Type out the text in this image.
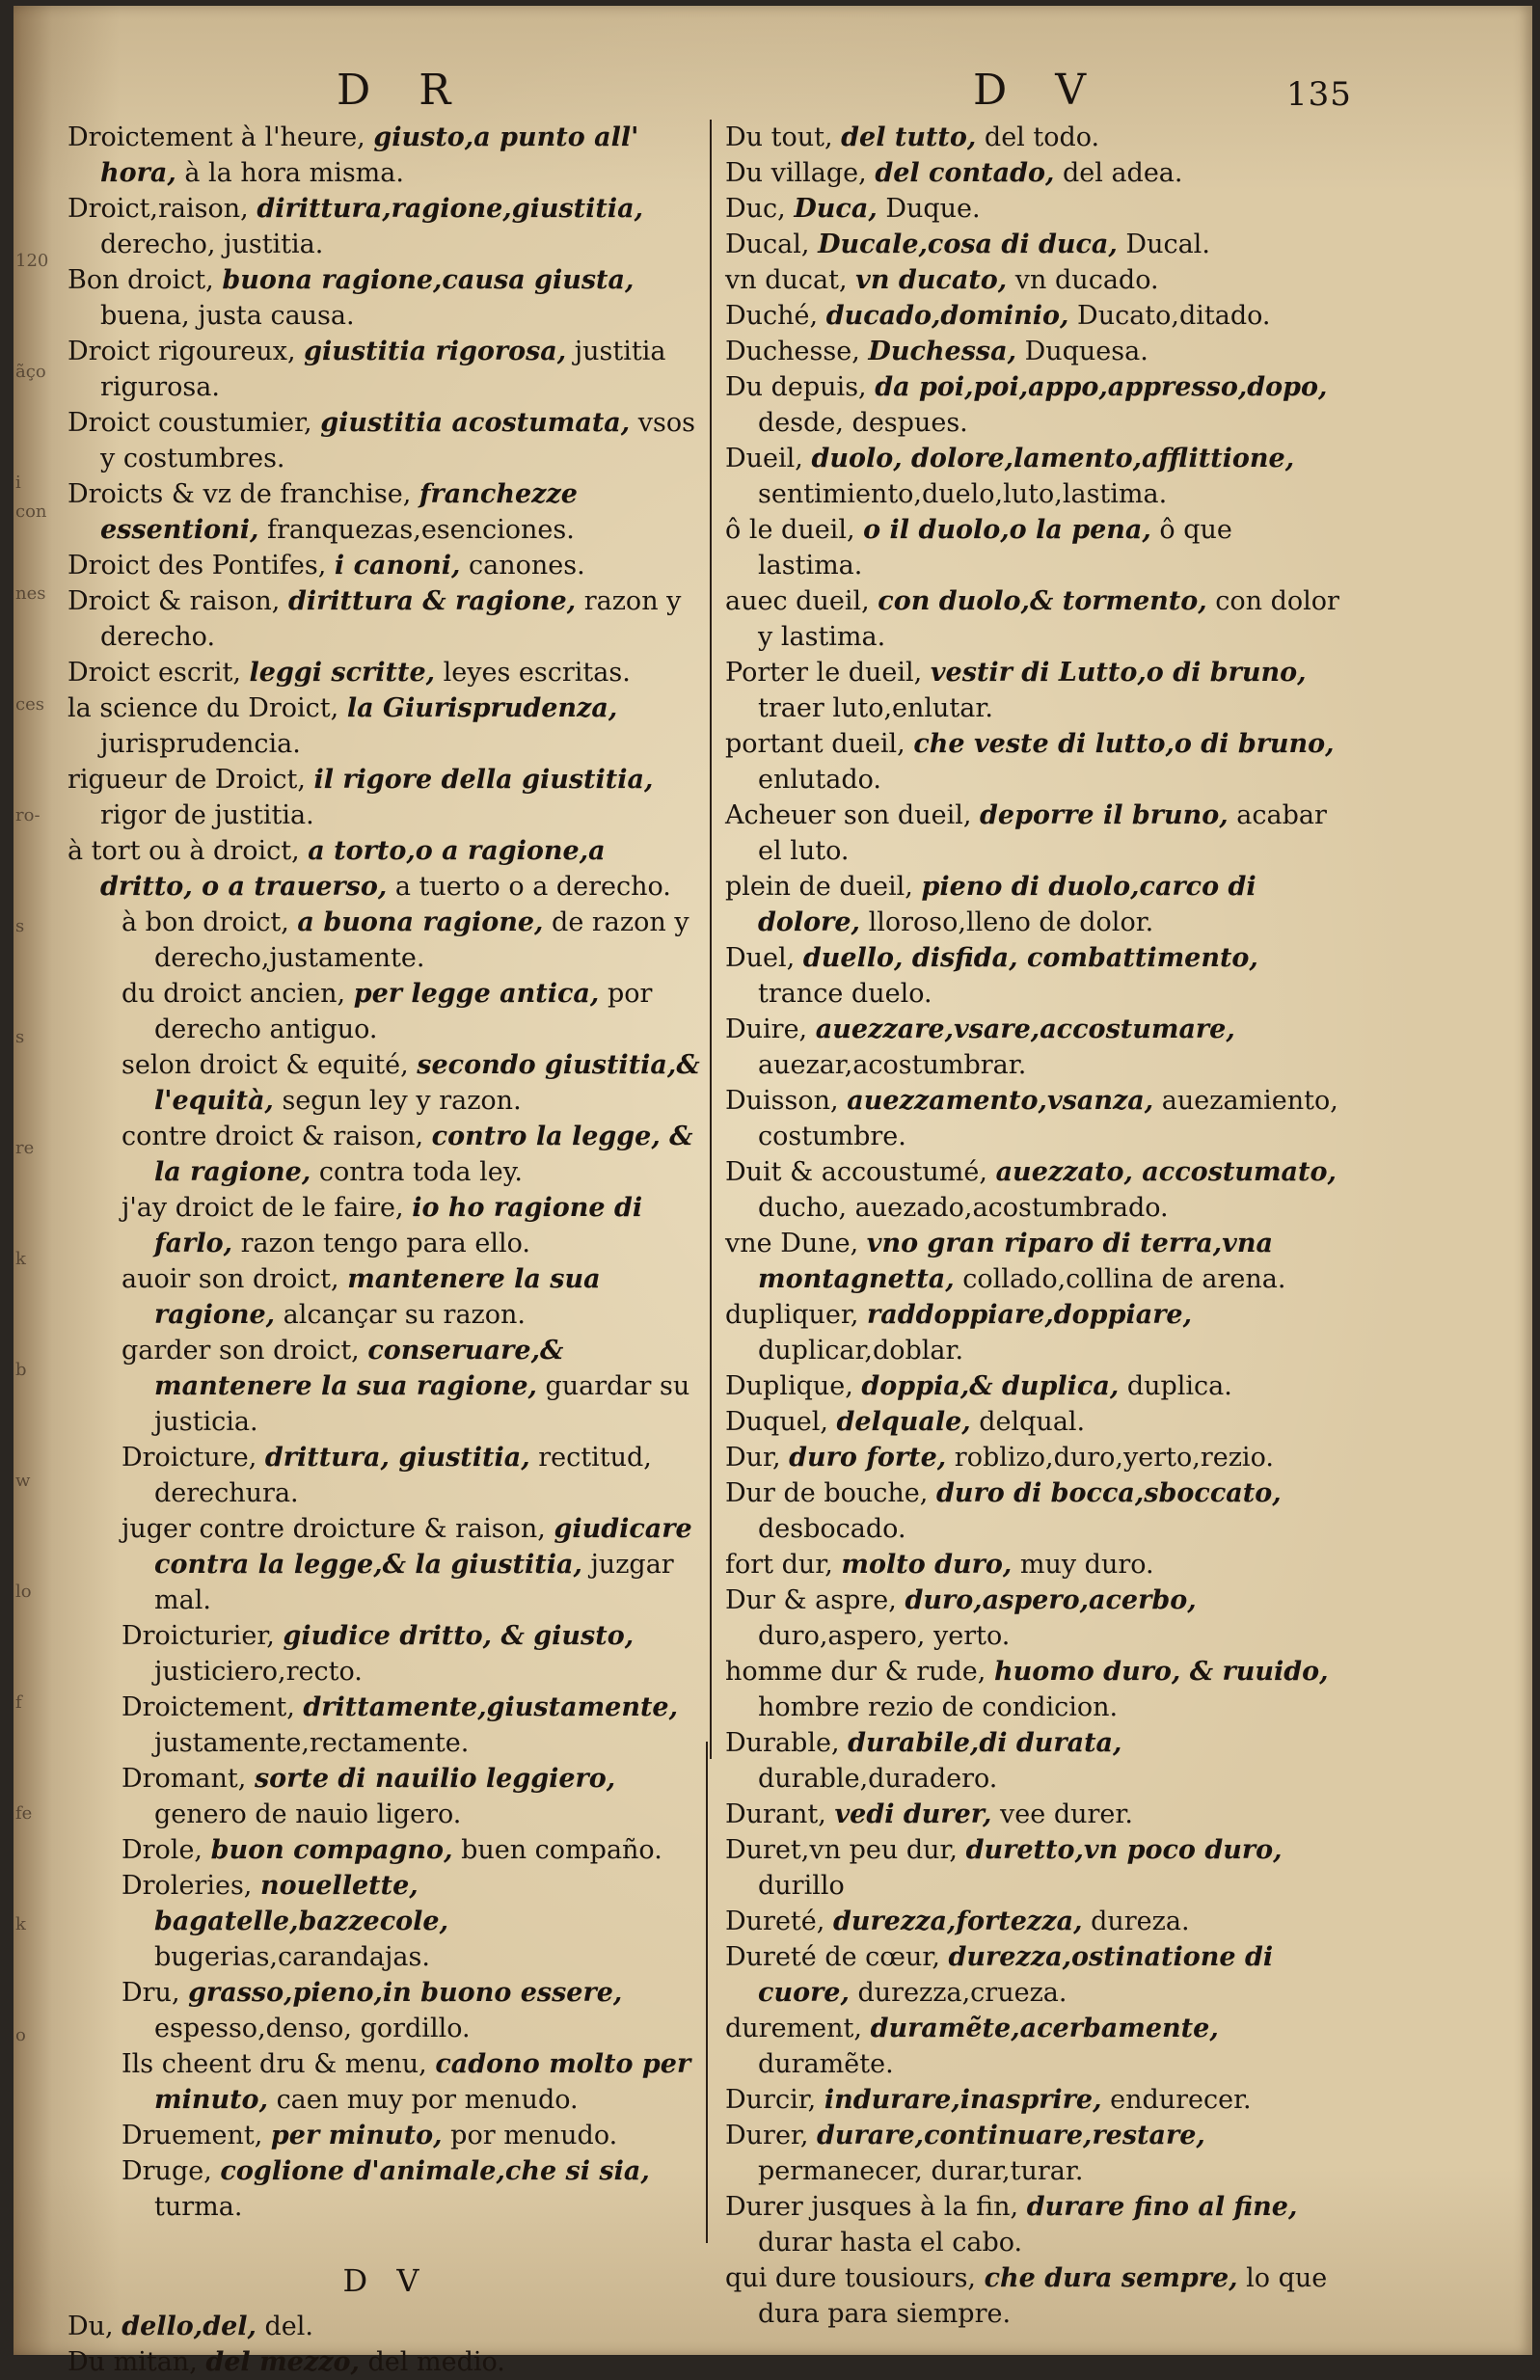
120
ãço
i con
nes
ces
ro-
s
s
re
k
b
w
lo
f
fe
k
o
D R	D V	135
Droictement à l'heure, giusto,a punto all' hora, à la hora misma.
Droict,raison, dirittura,ragione,giustitia, derecho, justitia.
Bon droict, buona ragione,causa giusta, buena, justa causa.
Droict rigoureux, giustitia rigorosa, justitia rigurosa.
Droict coustumier, giustitia acostumata, vsos y costumbres.
Droicts & vz de franchise, franchezze essentioni, franquezas,esenciones.
Droict des Pontifes, i canoni, canones.
Droict & raison, dirittura & ragione, razon y derecho.
Droict escrit, leggi scritte, leyes escritas.
la science du Droict, la Giurisprudenza, jurisprudencia.
rigueur de Droict, il rigore della giustitia, rigor de justitia.
à tort ou à droict, a torto,o a ragione,a dritto, o a trauerso, a tuerto o a derecho.
à bon droict, a buona ragione, de razon y derecho,justamente.
du droict ancien, per legge antica, por derecho antiguo.
selon droict & equité, secondo giustitia,& l'equità, segun ley y razon.
contre droict & raison, contro la legge, & la ragione, contra toda ley.
j'ay droict de le faire, io ho ragione di farlo, razon tengo para ello.
auoir son droict, mantenere la sua ragione, alcançar su razon.
garder son droict, conseruare,& mantenere la sua ragione, guardar su justicia.
Droicture, drittura, giustitia, rectitud, derechura.
juger contre droicture & raison, giudicare contra la legge,& la giustitia, juzgar mal.
Droicturier, giudice dritto, & giusto, justiciero,recto.
Droictement, drittamente,giustamente, justamente,rectamente.
Dromant, sorte di nauilio leggiero, genero de nauio ligero.
Drole, buon compagno, buen compaño.
Droleries, nouellette, bagatelle,bazzecole, bugerias,carandajas.
Dru, grasso,pieno,in buono essere, espesso,denso, gordillo.
Ils cheent dru & menu, cadono molto per minuto, caen muy por menudo.
Druement, per minuto, por menudo.
Druge, coglione d'animale,che si sia, turma.
D V
Du, dello,del, del.
Du mitan, del mezzo, del medio.
Du tout, del tutto, del todo.
Du village, del contado, del adea.
Duc, Duca, Duque.
Ducal, Ducale,cosa di duca, Ducal.
vn ducat, vn ducato, vn ducado.
Duché, ducado,dominio, Ducato,ditado.
Duchesse, Duchessa, Duquesa.
Du depuis, da poi,poi,appo,appresso,dopo, desde, despues.
Dueil, duolo, dolore,lamento,afflittione, sentimiento,duelo,luto,lastima.
ô le dueil, o il duolo,o la pena, ô que lastima.
auec dueil, con duolo,& tormento, con dolor y lastima.
Porter le dueil, vestir di Lutto,o di bruno, traer luto,enlutar.
portant dueil, che veste di lutto,o di bruno, enlutado.
Acheuer son dueil, deporre il bruno, acabar el luto.
plein de dueil, pieno di duolo,carco di dolore, lloroso,lleno de dolor.
Duel, duello, disfida, combattimento, trance duelo.
Duire, auezzare,vsare,accostumare, auezar,acostumbrar.
Duisson, auezzamento,vsanza, auezamiento, costumbre.
Duit & accoustumé, auezzato, accostumato, ducho, auezado,acostumbrado.
vne Dune, vno gran riparo di terra,vna montagnetta, collado,collina de arena.
dupliquer, raddoppiare,doppiare, duplicar,doblar.
Duplique, doppia,& duplica, duplica.
Duquel, delquale, delqual.
Dur, duro forte, roblizo,duro,yerto,rezio.
Dur de bouche, duro di bocca,sboccato, desbocado.
fort dur, molto duro, muy duro.
Dur & aspre, duro,aspero,acerbo, duro,aspero, yerto.
homme dur & rude, huomo duro, & ruuido, hombre rezio de condicion.
Durable, durabile,di durata, durable,duradero.
Durant, vedi durer, vee durer.
Duret,vn peu dur, duretto,vn poco duro, durillo
Dureté, durezza,fortezza, dureza.
Dureté de cœur, durezza,ostinatione di cuore, durezza,crueza.
durement, duramẽte,acerbamente, duramẽte.
Durcir, indurare,inasprire, endurecer.
Durer, durare,continuare,restare, permanecer, durar,turar.
Durer jusques à la fin, durare fino al fine, durar hasta el cabo.
qui dure tousiours, che dura sempre, lo que dura para siempre.
